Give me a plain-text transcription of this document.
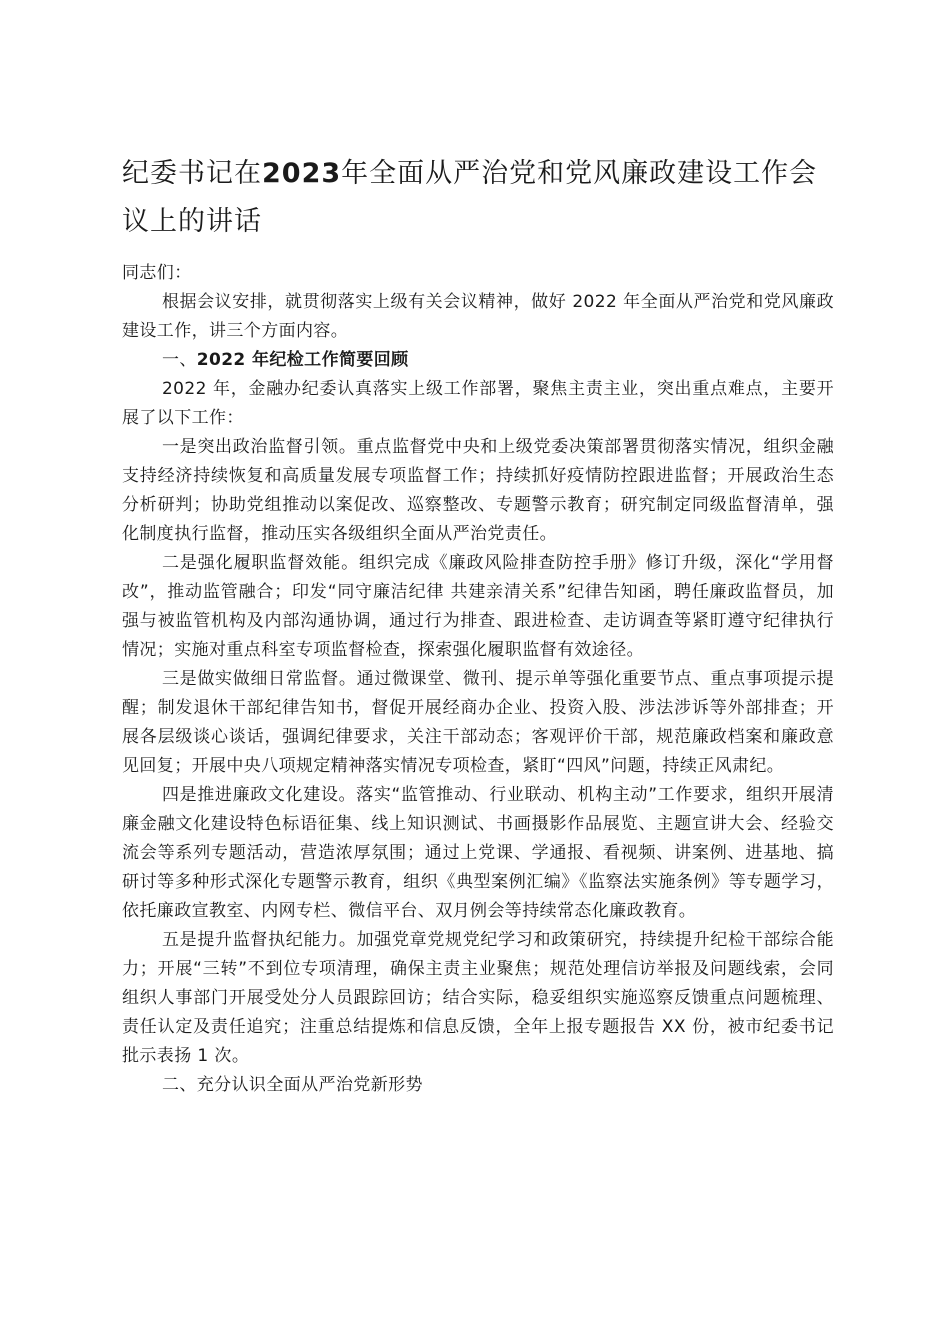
纪委书记在2023年全面从严治党和党风廉政建设工作会议上的讲话

同志们：

根据会议安排，就贯彻落实上级有关会议精神，做好 2022 年全面从严治党和党风廉政建设工作，讲三个方面内容。

一、2022 年纪检工作简要回顾

2022 年，金融办纪委认真落实上级工作部署，聚焦主责主业，突出重点难点，主要开展了以下工作：

一是突出政治监督引领。重点监督党中央和上级党委决策部署贯彻落实情况，组织金融支持经济持续恢复和高质量发展专项监督工作；持续抓好疫情防控跟进监督；开展政治生态分析研判；协助党组推动以案促改、巡察整改、专题警示教育；研究制定同级监督清单，强化制度执行监督，推动压实各级组织全面从严治党责任。

二是强化履职监督效能。组织完成《廉政风险排查防控手册》修订升级，深化“学用督改”，推动监管融合；印发“同守廉洁纪律 共建亲清关系”纪律告知函，聘任廉政监督员，加强与被监管机构及内部沟通协调，通过行为排查、跟进检查、走访调查等紧盯遵守纪律执行情况；实施对重点科室专项监督检查，探索强化履职监督有效途径。

三是做实做细日常监督。通过微课堂、微刊、提示单等强化重要节点、重点事项提示提醒；制发退休干部纪律告知书，督促开展经商办企业、投资入股、涉法涉诉等外部排查；开展各层级谈心谈话，强调纪律要求，关注干部动态；客观评价干部，规范廉政档案和廉政意见回复；开展中央八项规定精神落实情况专项检查，紧盯“四风”问题，持续正风肃纪。

四是推进廉政文化建设。落实“监管推动、行业联动、机构主动”工作要求，组织开展清廉金融文化建设特色标语征集、线上知识测试、书画摄影作品展览、主题宣讲大会、经验交流会等系列专题活动，营造浓厚氛围；通过上党课、学通报、看视频、讲案例、进基地、搞研讨等多种形式深化专题警示教育，组织《典型案例汇编》《监察法实施条例》等专题学习，依托廉政宣教室、内网专栏、微信平台、双月例会等持续常态化廉政教育。

五是提升监督执纪能力。加强党章党规党纪学习和政策研究，持续提升纪检干部综合能力；开展“三转”不到位专项清理，确保主责主业聚焦；规范处理信访举报及问题线索，会同组织人事部门开展受处分人员跟踪回访；结合实际，稳妥组织实施巡察反馈重点问题梳理、责任认定及责任追究；注重总结提炼和信息反馈，全年上报专题报告 XX 份，被市纪委书记批示表扬 1 次。

二、充分认识全面从严治党新形势
